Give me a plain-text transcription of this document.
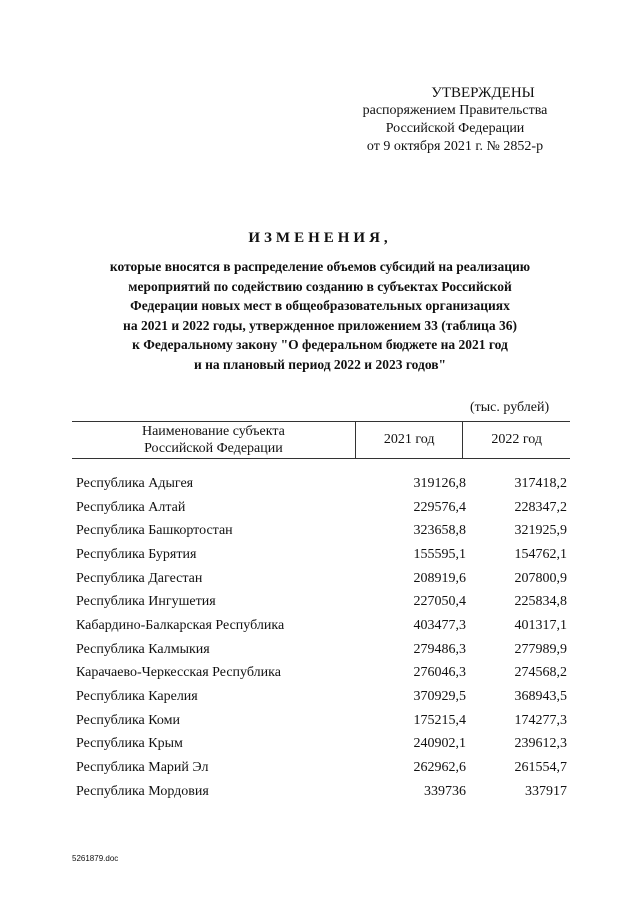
УТВЕРЖДЕНЫ
распоряжением Правительства
Российской Федерации
от 9 октября 2021 г. № 2852-р
ИЗМЕНЕНИЯ,
которые вносятся в распределение объемов субсидий на реализацию
мероприятий по содействию созданию в субъектах Российской
Федерации новых мест в общеобразовательных организациях
на 2021 и 2022 годы, утвержденное приложением 33 (таблица 36)
к Федеральному закону "О федеральном бюджете на 2021 год
и на плановый период 2022 и 2023 годов"
(тыс. рублей)
Наименование субъекта
Российской Федерации
2021 год	2022 год
Республика Адыгея	319126,8	317418,2
Республика Алтай	229576,4	228347,2
Республика Башкортостан	323658,8	321925,9
Республика Бурятия	155595,1	154762,1
Республика Дагестан	208919,6	207800,9
Республика Ингушетия	227050,4	225834,8
Кабардино-Балкарская Республика	403477,3	401317,1
Республика Калмыкия	279486,3	277989,9
Карачаево-Черкесская Республика	276046,3	274568,2
Республика Карелия	370929,5	368943,5
Республика Коми	175215,4	174277,3
Республика Крым	240902,1	239612,3
Республика Марий Эл	262962,6	261554,7
Республика Мордовия	339736	337917
5261879.doc
